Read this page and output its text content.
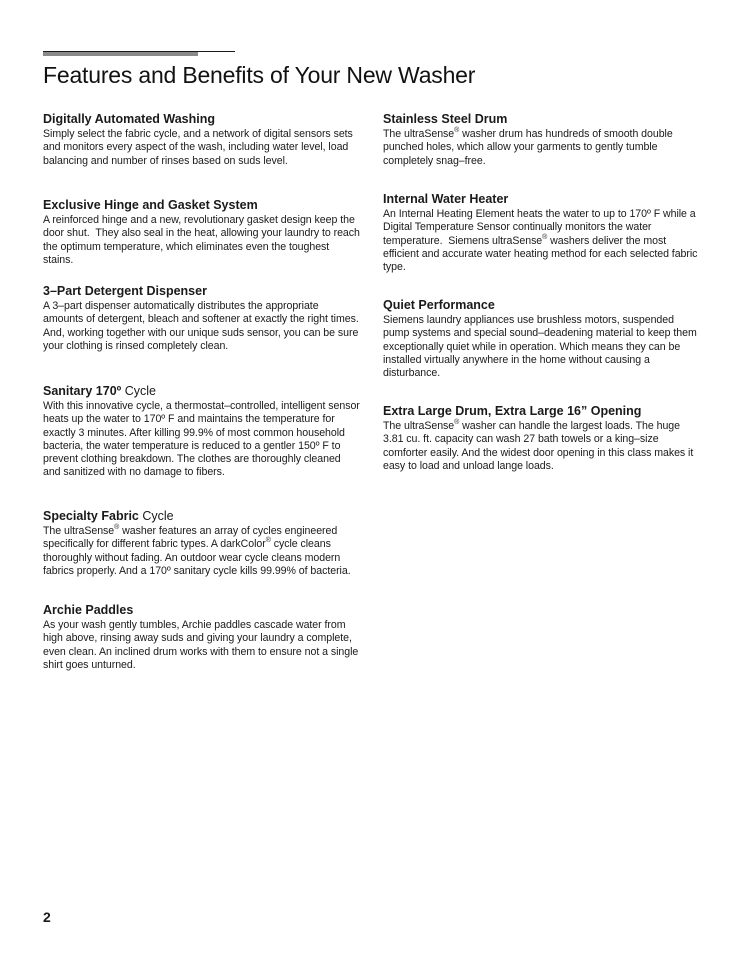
Features and Benefits of Your New Washer

Digitally Automated Washing

Simply select the fabric cycle, and a network of digital sensors sets and monitors every aspect of the wash, including water level, load balancing and number of rinses based on suds level.

Exclusive Hinge and Gasket System

A reinforced hinge and a new, revolutionary gasket design keep the door shut.  They also seal in the heat, allowing your laundry to reach the optimum temperature, which eliminates even the toughest stains.

3–Part Detergent Dispenser

A 3–part dispenser automatically distributes the appropriate amounts of detergent, bleach and softener at exactly the right times. And, working together with our unique suds sensor, you can be sure your clothing is rinsed completely clean.

Sanitary 170º Cycle

With this innovative cycle, a thermostat–controlled, intelligent sensor heats up the water to 170º F and maintains the temperature for exactly 3 minutes. After killing 99.9% of most common household bacteria, the water temperature is reduced to a gentler 150º F to prevent clothing breakdown. The clothes are thoroughly cleaned and sanitized with no damage to fibers.

Specialty Fabric Cycle

The ultraSense® washer features an array of cycles engineered specifically for different fabric types. A darkColor® cycle cleans thoroughly without fading. An outdoor wear cycle cleans modern fabrics properly. And a 170º sanitary cycle kills 99.99% of bacteria.

Archie Paddles

As your wash gently tumbles, Archie paddles cascade water from high above, rinsing away suds and giving your laundry a complete, even clean. An inclined drum works with them to ensure not a single shirt goes unturned.

Stainless Steel Drum

The ultraSense® washer drum has hundreds of smooth double punched holes, which allow your garments to gently tumble completely snag–free.

Internal Water Heater

An Internal Heating Element heats the water to up to 170º F while a Digital Temperature Sensor continually monitors the water temperature.  Siemens ultraSense® washers deliver the most efficient and accurate water heating method for each selected fabric type.

Quiet Performance

Siemens laundry appliances use brushless motors, suspended pump systems and special sound–deadening material to keep them exceptionally quiet while in operation. Which means they can be installed virtually anywhere in the home without causing a disturbance.

Extra Large Drum, Extra Large 16” Opening

The ultraSense® washer can handle the largest loads. The huge 3.81 cu. ft. capacity can wash 27 bath towels or a king–size comforter easily. And the widest door opening in this class makes it easy to load and unload lange loads.

2
